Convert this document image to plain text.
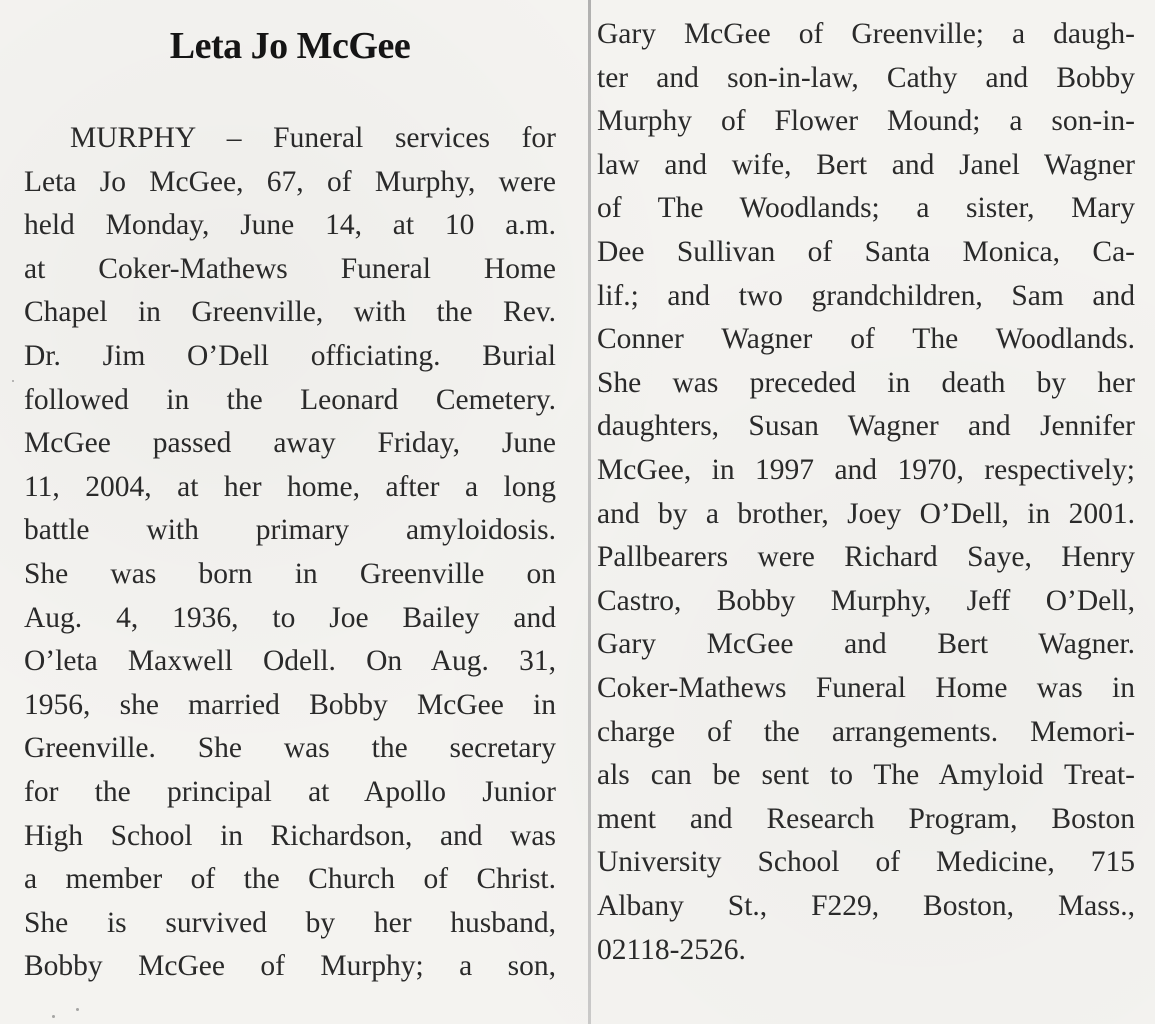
Leta Jo McGee
MURPHY – Funeral services for
Leta Jo McGee, 67, of Murphy, were
held Monday, June 14, at 10 a.m.
at Coker-Mathews Funeral Home
Chapel in Greenville, with the Rev.
Dr. Jim O’Dell officiating. Burial
followed in the Leonard Cemetery.
McGee passed away Friday, June
11, 2004, at her home, after a long
battle with primary amyloidosis.
She was born in Greenville on
Aug. 4, 1936, to Joe Bailey and
O’leta Maxwell Odell. On Aug. 31,
1956, she married Bobby McGee in
Greenville. She was the secretary
for the principal at Apollo Junior
High School in Richardson, and was
a member of the Church of Christ.
She is survived by her husband,
Bobby McGee of Murphy; a son,
Gary McGee of Greenville; a daugh-
ter and son-in-law, Cathy and Bobby
Murphy of Flower Mound; a son-in-
law and wife, Bert and Janel Wagner
of The Woodlands; a sister, Mary
Dee Sullivan of Santa Monica, Ca-
lif.; and two grandchildren, Sam and
Conner Wagner of The Woodlands.
She was preceded in death by her
daughters, Susan Wagner and Jennifer
McGee, in 1997 and 1970, respectively;
and by a brother, Joey O’Dell, in 2001.
Pallbearers were Richard Saye, Henry
Castro, Bobby Murphy, Jeff O’Dell,
Gary McGee and Bert Wagner.
Coker-Mathews Funeral Home was in
charge of the arrangements. Memori-
als can be sent to The Amyloid Treat-
ment and Research Program, Boston
University School of Medicine, 715
Albany St., F229, Boston, Mass.,
02118-2526.
